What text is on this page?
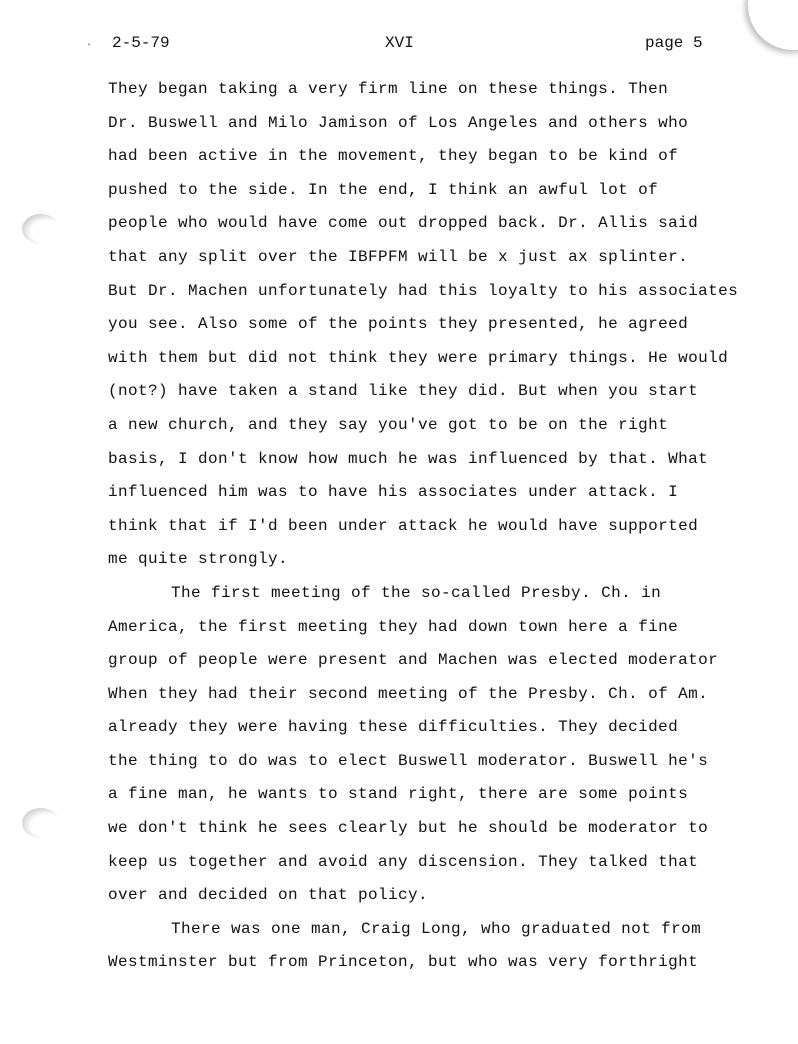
· 2-5-79	XVI	page 5
They began taking a very firm line on these things. Then
Dr. Buswell and Milo Jamison of Los Angeles and others who
had been active in the movement, they began to be kind of
pushed to the side. In the end, I think an awful lot of
people who would have come out dropped back. Dr. Allis said
that any split over the IBFPFM will be x just ax splinter.
But Dr. Machen unfortunately had this loyalty to his associates
you see. Also some of the points they presented, he agreed
with them but did not think they were primary things. He would
(not?) have taken a stand like they did. But when you start
a new church, and they say you've got to be on the right
basis, I don't know how much he was influenced by that. What
influenced him was to have his associates under attack. I
think that if I'd been under attack he would have supported
me quite strongly.
The first meeting of the so-called Presby. Ch. in
America, the first meeting they had down town here a fine
group of people were present and Machen was elected moderator
When they had their second meeting of the Presby. Ch. of Am.
already they were having these difficulties. They decided
the thing to do was to elect Buswell moderator. Buswell he's
a fine man, he wants to stand right, there are some points
we don't think he sees clearly but he should be moderator to
keep us together and avoid any discension. They talked that
over and decided on that policy.
There was one man, Craig Long, who graduated not from
Westminster but from Princeton, but who was very forthright
